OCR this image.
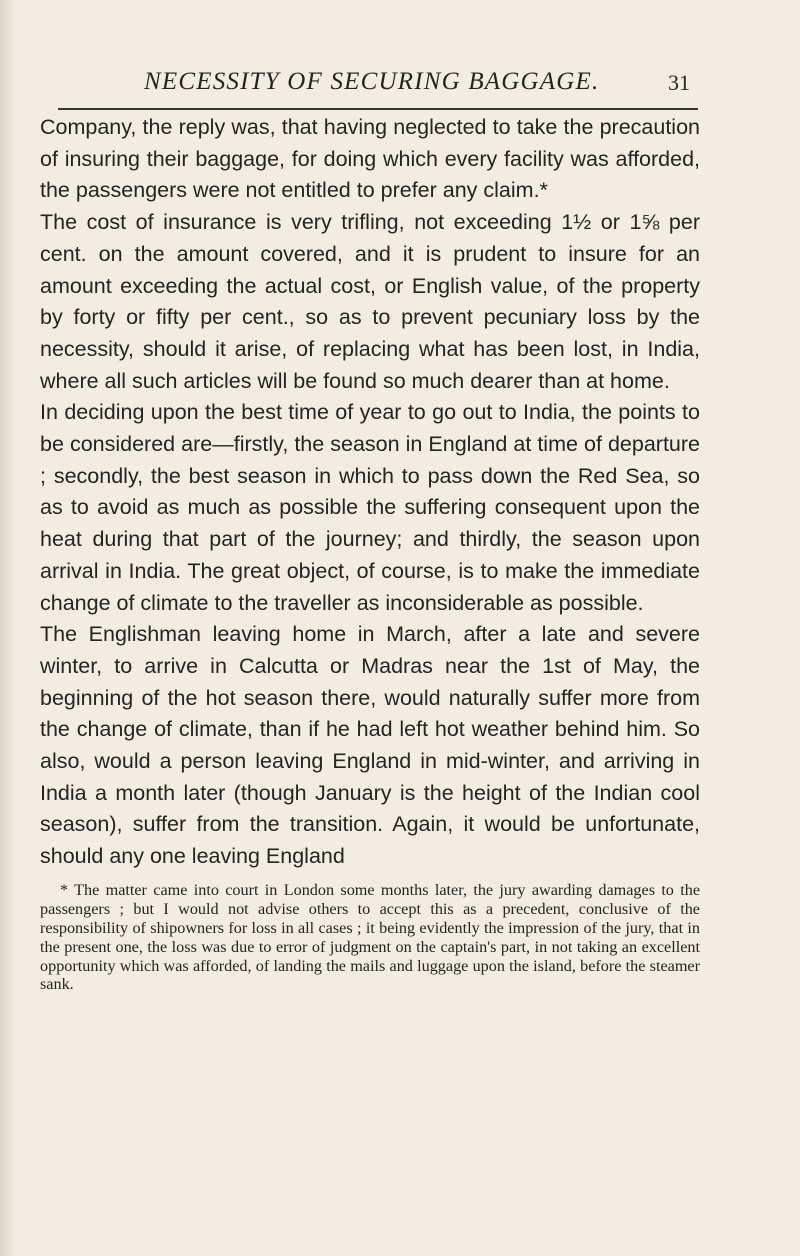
NECESSITY OF SECURING BAGGAGE.	31

Company, the reply was, that having neglected to take the precaution of insuring their baggage, for doing which every facility was afforded, the passengers were not entitled to prefer any claim.*

The cost of insurance is very trifling, not exceeding 1½ or 1⅝ per cent. on the amount covered, and it is prudent to insure for an amount exceeding the actual cost, or English value, of the property by forty or fifty per cent., so as to prevent pecuniary loss by the necessity, should it arise, of replacing what has been lost, in India, where all such articles will be found so much dearer than at home.

In deciding upon the best time of year to go out to India, the points to be considered are—firstly, the season in England at time of departure ; secondly, the best season in which to pass down the Red Sea, so as to avoid as much as possible the suffering consequent upon the heat during that part of the journey; and thirdly, the season upon arrival in India. The great object, of course, is to make the immediate change of climate to the traveller as inconsiderable as possible.

The Englishman leaving home in March, after a late and severe winter, to arrive in Calcutta or Madras near the 1st of May, the beginning of the hot season there, would naturally suffer more from the change of climate, than if he had left hot weather behind him. So also, would a person leaving England in mid-winter, and arriving in India a month later (though January is the height of the Indian cool season), suffer from the transition. Again, it would be unfortunate, should any one leaving England

* The matter came into court in London some months later, the jury awarding damages to the passengers ; but I would not advise others to accept this as a precedent, conclusive of the responsibility of shipowners for loss in all cases ; it being evidently the impression of the jury, that in the present one, the loss was due to error of judgment on the captain's part, in not taking an excellent opportunity which was afforded, of landing the mails and luggage upon the island, before the steamer sank.
